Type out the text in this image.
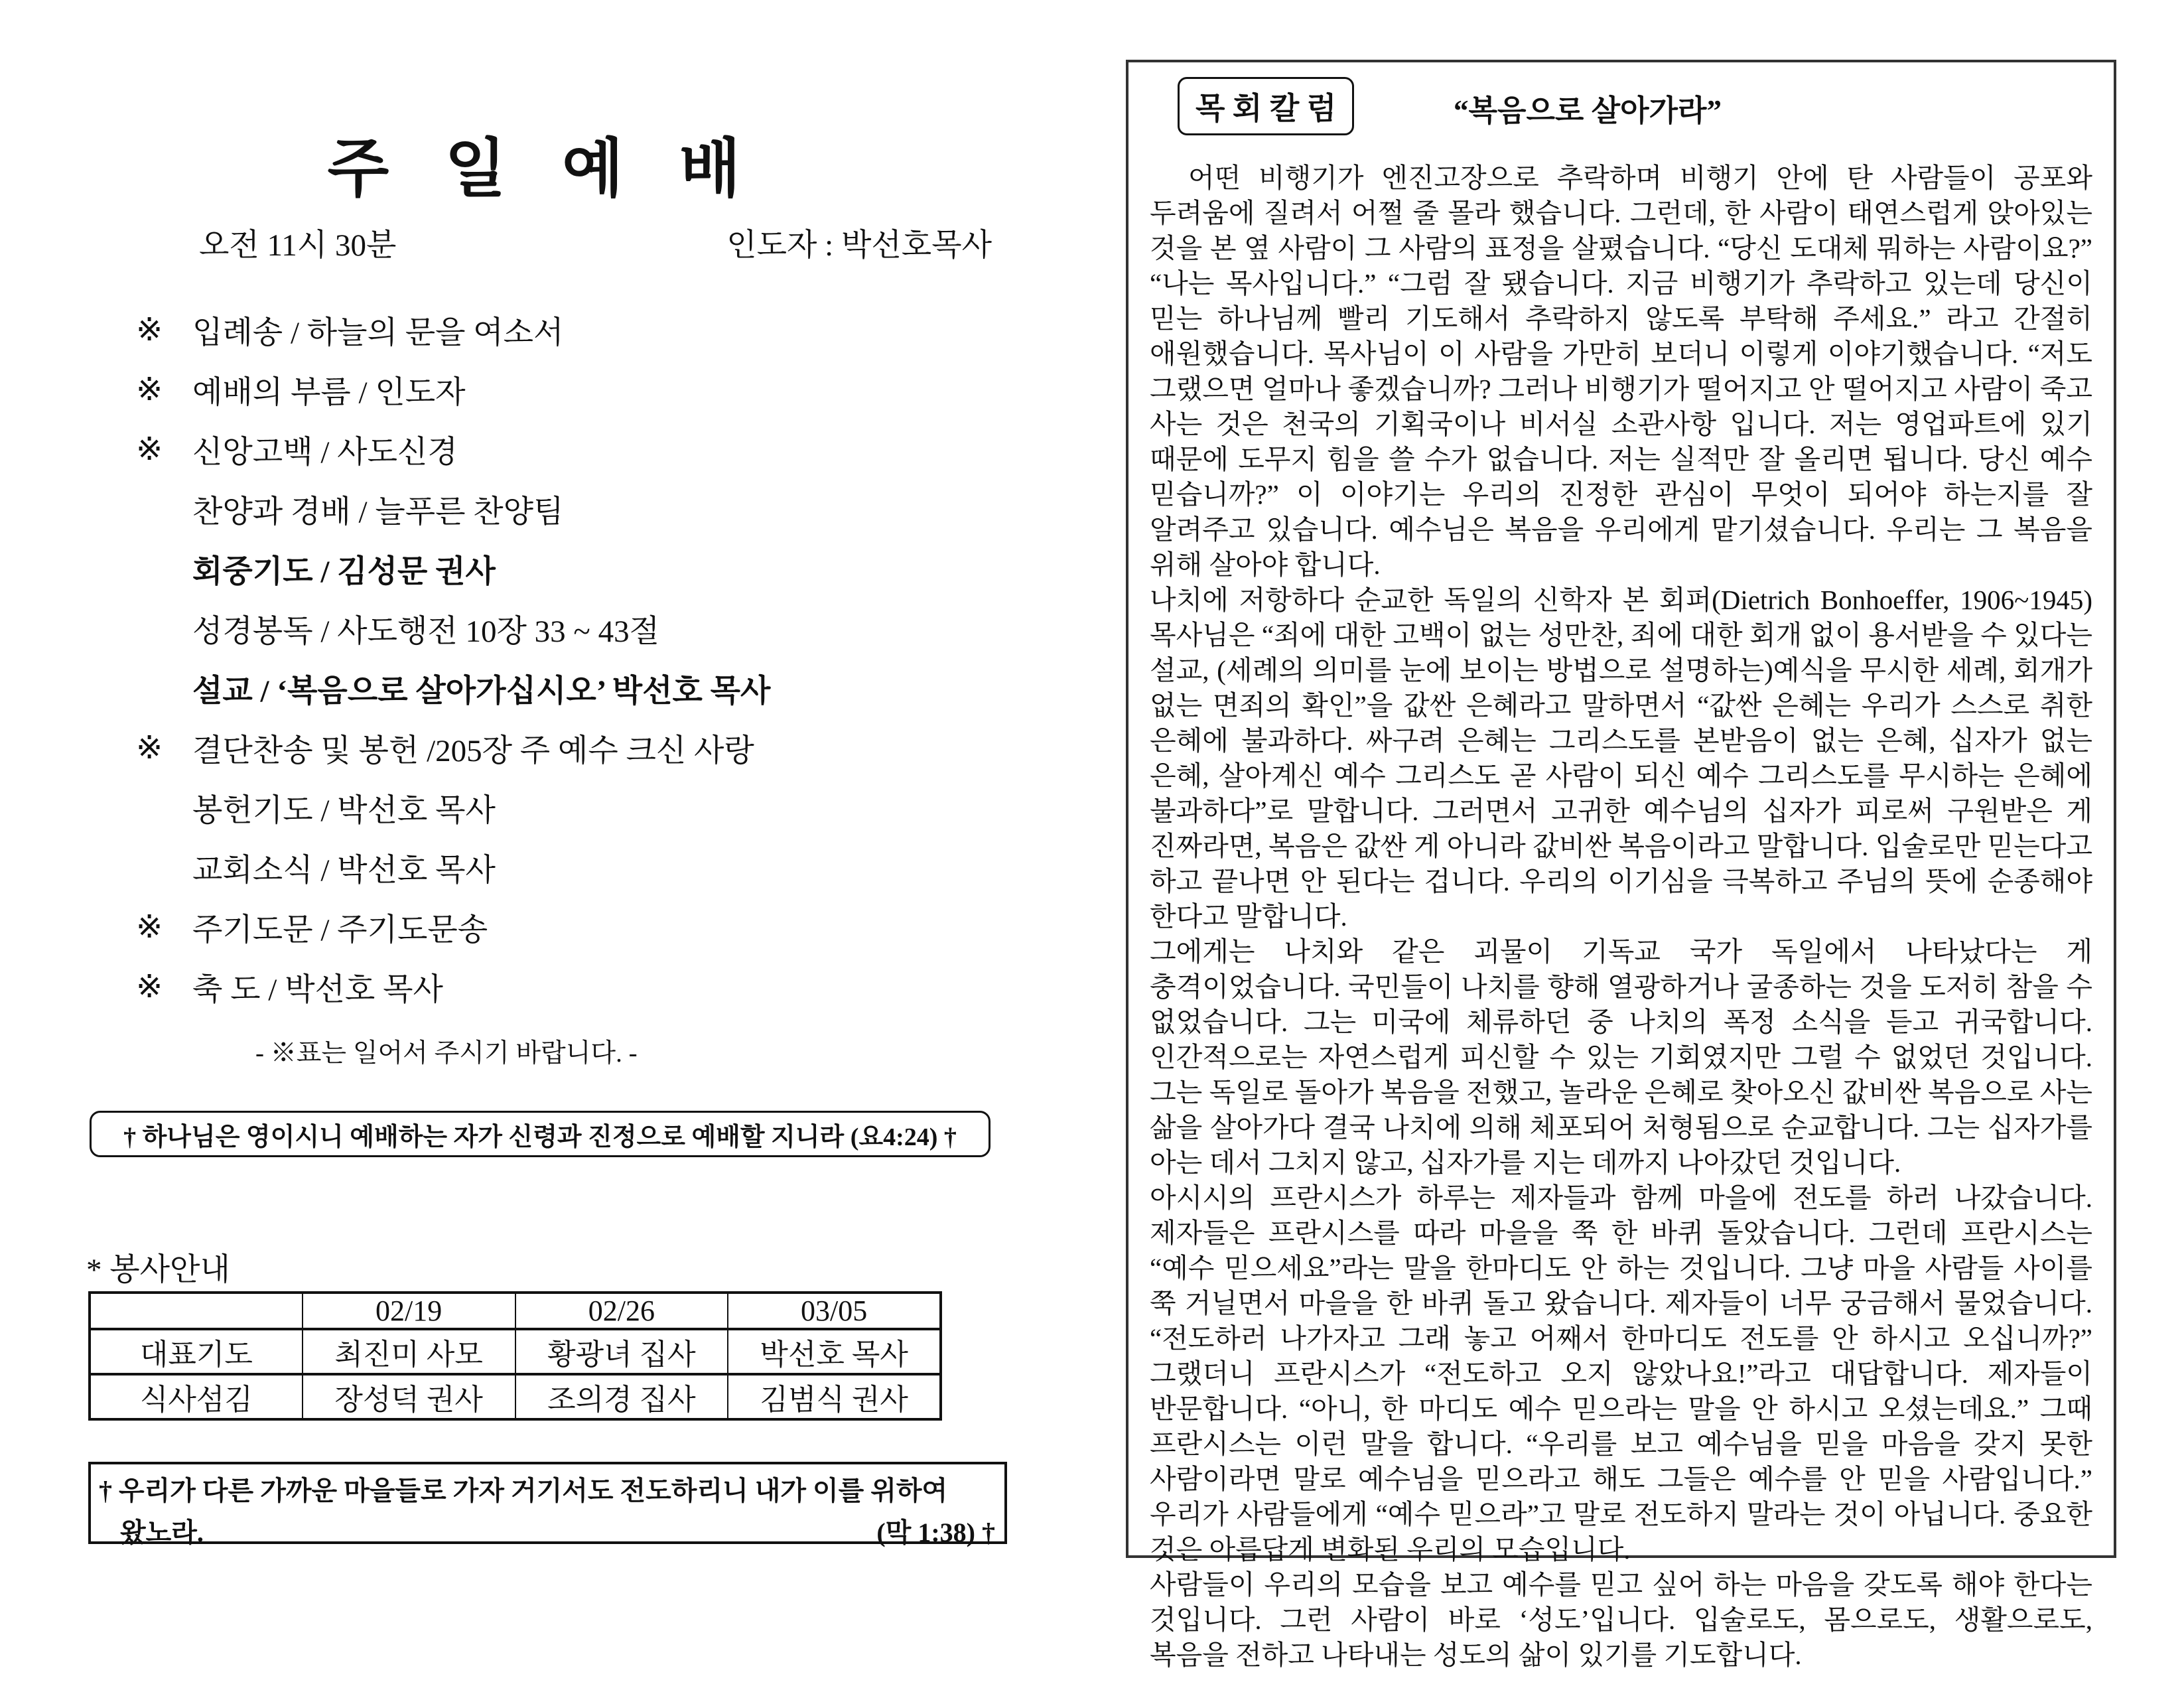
주 일 예 배
오전 11시 30분	인도자 : 박선호목사
※ 입례송 / 하늘의 문을 여소서
※ 예배의 부름 / 인도자
※ 신앙고백 / 사도신경
찬양과 경배 / 늘푸른 찬양팀
회중기도 / 김성문 권사
성경봉독 / 사도행전 10장 33 ~ 43절
설교 / ‘복음으로 살아가십시오’ 박선호 목사
※ 결단찬송 및 봉헌 /205장 주 예수 크신 사랑
봉헌기도 / 박선호 목사
교회소식 / 박선호 목사
※ 주기도문 / 주기도문송
※ 축 도 / 박선호 목사
- ※표는 일어서 주시기 바랍니다. -
† 하나님은 영이시니 예배하는 자가 신령과 진정으로 예배할 지니라 (요4:24) †
* 봉사안내
	02/19	02/26	03/05
대표기도	최진미 사모	황광녀 집사	박선호 목사
식사섬김	장성덕 권사	조의경 집사	김범식 권사
† 우리가 다른 가까운 마을들로 가자 거기서도 전도하리니 내가 이를 위하여
왔노라.	(막 1:38) †
목 회 칼 럼	“복음으로 살아가라”

어떤 비행기가 엔진고장으로 추락하며 비행기 안에 탄 사람들이 공포와 두려움에 질려서 어쩔 줄 몰라 했습니다. 그런데, 한 사람이 태연스럽게 앉아있는 것을 본 옆 사람이 그 사람의 표정을 살폈습니다. “당신 도대체 뭐하는 사람이요?” “나는 목사입니다.” “그럼 잘 됐습니다. 지금 비행기가 추락하고 있는데 당신이 믿는 하나님께 빨리 기도해서 추락하지 않도록 부탁해 주세요.” 라고 간절히 애원했습니다. 목사님이 이 사람을 가만히 보더니 이렇게 이야기했습니다. “저도 그랬으면 얼마나 좋겠습니까? 그러나 비행기가 떨어지고 안 떨어지고 사람이 죽고 사는 것은 천국의 기획국이나 비서실 소관사항 입니다. 저는 영업파트에 있기 때문에 도무지 힘을 쓸 수가 없습니다. 저는 실적만 잘 올리면 됩니다. 당신 예수 믿습니까?” 이 이야기는 우리의 진정한 관심이 무엇이 되어야 하는지를 잘 알려주고 있습니다. 예수님은 복음을 우리에게 맡기셨습니다. 우리는 그 복음을 위해 살아야 합니다.

나치에 저항하다 순교한 독일의 신학자 본 회퍼(Dietrich Bonhoeffer, 1906~1945) 목사님은 “죄에 대한 고백이 없는 성만찬, 죄에 대한 회개 없이 용서받을 수 있다는 설교, (세례의 의미를 눈에 보이는 방법으로 설명하는)예식을 무시한 세례, 회개가 없는 면죄의 확인”을 값싼 은혜라고 말하면서 “값싼 은혜는 우리가 스스로 취한 은혜에 불과하다. 싸구려 은혜는 그리스도를 본받음이 없는 은혜, 십자가 없는 은혜, 살아계신 예수 그리스도 곧 사람이 되신 예수 그리스도를 무시하는 은혜에 불과하다”로 말합니다. 그러면서 고귀한 예수님의 십자가 피로써 구원받은 게 진짜라면, 복음은 값싼 게 아니라 값비싼 복음이라고 말합니다. 입술로만 믿는다고 하고 끝나면 안 된다는 겁니다. 우리의 이기심을 극복하고 주님의 뜻에 순종해야 한다고 말합니다.

그에게는 나치와 같은 괴물이 기독교 국가 독일에서 나타났다는 게 충격이었습니다. 국민들이 나치를 향해 열광하거나 굴종하는 것을 도저히 참을 수 없었습니다. 그는 미국에 체류하던 중 나치의 폭정 소식을 듣고 귀국합니다. 인간적으로는 자연스럽게 피신할 수 있는 기회였지만 그럴 수 없었던 것입니다. 그는 독일로 돌아가 복음을 전했고, 놀라운 은혜로 찾아오신 값비싼 복음으로 사는 삶을 살아가다 결국 나치에 의해 체포되어 처형됨으로 순교합니다. 그는 십자가를 아는 데서 그치지 않고, 십자가를 지는 데까지 나아갔던 것입니다.

아시시의 프란시스가 하루는 제자들과 함께 마을에 전도를 하러 나갔습니다. 제자들은 프란시스를 따라 마을을 쭉 한 바퀴 돌았습니다. 그런데 프란시스는 “예수 믿으세요”라는 말을 한마디도 안 하는 것입니다. 그냥 마을 사람들 사이를 쭉 거닐면서 마을을 한 바퀴 돌고 왔습니다. 제자들이 너무 궁금해서 물었습니다. “전도하러 나가자고 그래 놓고 어째서 한마디도 전도를 안 하시고 오십니까?” 그랬더니 프란시스가 “전도하고 오지 않았나요!”라고 대답합니다. 제자들이 반문합니다. “아니, 한 마디도 예수 믿으라는 말을 안 하시고 오셨는데요.” 그때 프란시스는 이런 말을 합니다. “우리를 보고 예수님을 믿을 마음을 갖지 못한 사람이라면 말로 예수님을 믿으라고 해도 그들은 예수를 안 믿을 사람입니다.” 우리가 사람들에게 “예수 믿으라”고 말로 전도하지 말라는 것이 아닙니다. 중요한 것은 아름답게 변화된 우리의 모습입니다.

사람들이 우리의 모습을 보고 예수를 믿고 싶어 하는 마음을 갖도록 해야 한다는 것입니다. 그런 사람이 바로 ‘성도’입니다. 입술로도, 몸으로도, 생활으로도, 복음을 전하고 나타내는 성도의 삶이 있기를 기도합니다.
